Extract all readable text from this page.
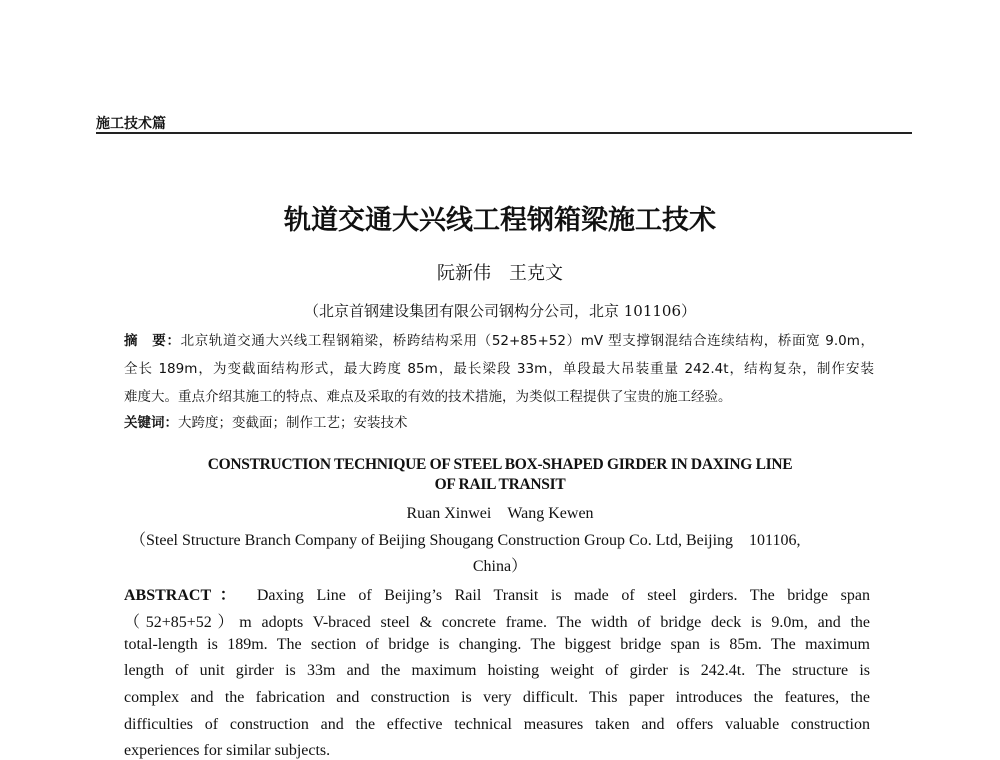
施工技术篇
轨道交通大兴线工程钢箱梁施工技术
阮新伟　王克文
（北京首钢建设集团有限公司钢构分公司，北京 101106）
摘　要：北京轨道交通大兴线工程钢箱梁，桥跨结构采用（52+85+52）mV 型支撑钢混结合连续结构，桥面宽 9.0m，
全长 189m，为变截面结构形式，最大跨度 85m，最长梁段 33m，单段最大吊装重量 242.4t，结构复杂，制作安装
难度大。重点介绍其施工的特点、难点及采取的有效的技术措施，为类似工程提供了宝贵的施工经验。
关键词：大跨度；变截面；制作工艺；安装技术
CONSTRUCTION TECHNIQUE OF STEEL BOX-SHAPED GIRDER IN DAXING LINE
OF RAIL TRANSIT
Ruan Xinwei　Wang Kewen
（Steel Structure Branch Company of Beijing Shougang Construction Group Co. Ltd, Beijing　101106,
China）
ABSTRACT： Daxing Line of Beijing’s Rail Transit is made of steel girders. The bridge span
（52+85+52）m adopts V-braced steel & concrete frame. The width of bridge deck is 9.0m, and the
total-length is 189m. The section of bridge is changing. The biggest bridge span is 85m. The maximum
length of unit girder is 33m and the maximum hoisting weight of girder is 242.4t. The structure is
complex and the fabrication and construction is very difficult. This paper introduces the features, the
difficulties of construction and the effective technical measures taken and offers valuable construction
experiences for similar subjects.
